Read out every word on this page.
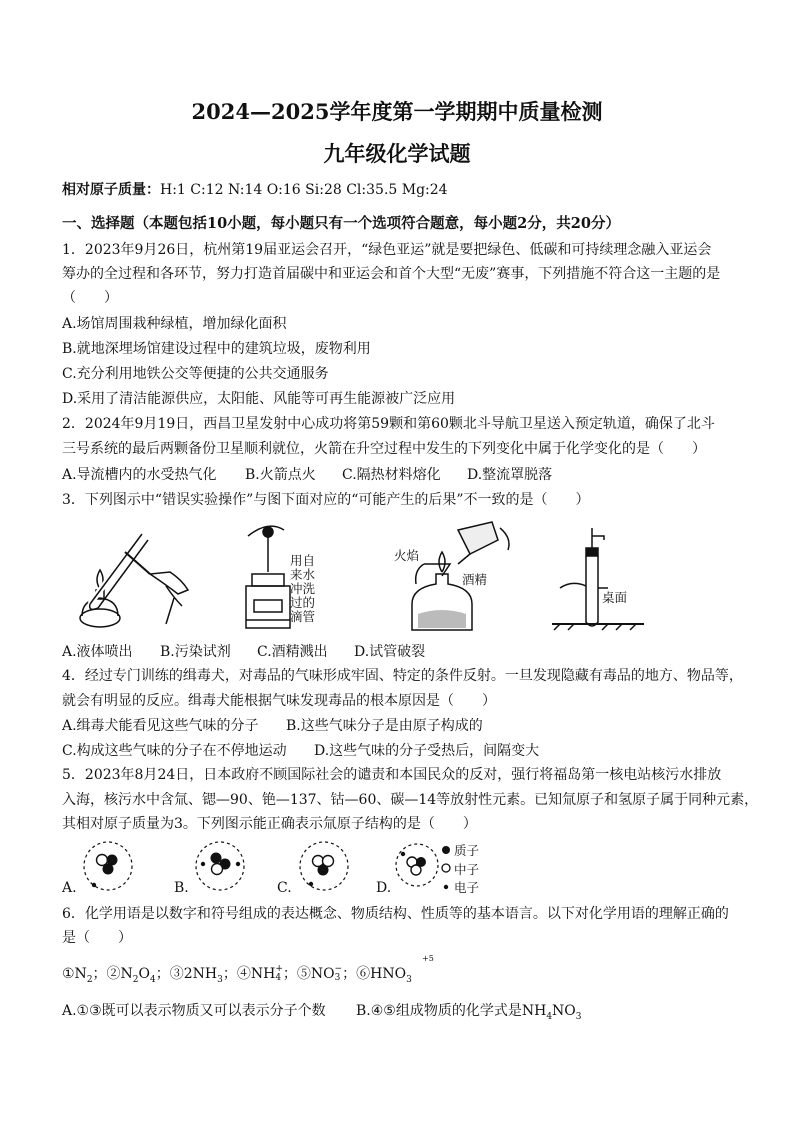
2024—2025学年度第一学期期中质量检测
九年级化学试题
相对原子质量：H:1 C:12 N:14 O:16 Si:28 Cl:35.5 Mg:24
一、选择题（本题包括10小题，每小题只有一个选项符合题意，每小题2分，共20分）
1．2023年9月26日，杭州第19届亚运会召开，“绿色亚运”就是要把绿色、低碳和可持续理念融入亚运会
筹办的全过程和各环节，努力打造首届碳中和亚运会和首个大型“无废”赛事，下列措施不符合这一主题的是
（　　）
A.场馆周围栽种绿植，增加绿化面积
B.就地深埋场馆建设过程中的建筑垃圾，废物利用
C.充分利用地铁公交等便捷的公共交通服务
D.采用了清洁能源供应，太阳能、风能等可再生能源被广泛应用
2．2024年9月19日，西昌卫星发射中心成功将第59颗和第60颗北斗导航卫星送入预定轨道，确保了北斗
三号系统的最后两颗备份卫星顺利就位，火箭在升空过程中发生的下列变化中属于化学变化的是（　　）
A.导流槽内的水受热气化 B.火箭点火 C.隔热材料熔化 D.整流罩脱落
3．下列图示中“错误实验操作”与图下面对应的“可能产生的后果”不一致的是（　　）
用自
来水
冲洗
过的
滴管
火焰
酒精
桌面
A.液体喷出 B.污染试剂 C.酒精溅出 D.试管破裂
4．经过专门训练的缉毒犬，对毒品的气味形成牢固、特定的条件反射。一旦发现隐藏有毒品的地方、物品等，
就会有明显的反应。缉毒犬能根据气味发现毒品的根本原因是（　　）
A.缉毒犬能看见这些气味的分子 B.这些气味分子是由原子构成的
C.构成这些气味的分子在不停地运动 D.这些气味的分子受热后，间隔变大
5．2023年8月24日，日本政府不顾国际社会的谴责和本国民众的反对，强行将福岛第一核电站核污水排放
入海，核污水中含氚、锶—90、铯—137、钴—60、碳—14等放射性元素。已知氚原子和氢原子属于同种元素，
其相对原子质量为3。下列图示能正确表示氚原子结构的是（　　）
质子
中子
电子
A.	B.	C.	D.
6．化学用语是以数字和符号组成的表达概念、物质结构、性质等的基本语言。以下对化学用语的理解正确的
是（　　）
$①N_2$；$②N_2O_4$；$③2NH_3$；④NH+
4 ；⑤NO−
3 ；$⑥HNO_3$
+5
A.①③既可以表示物质又可以表示分子个数 B.④⑤组成物质的化学式是$NH_4NO_3$
